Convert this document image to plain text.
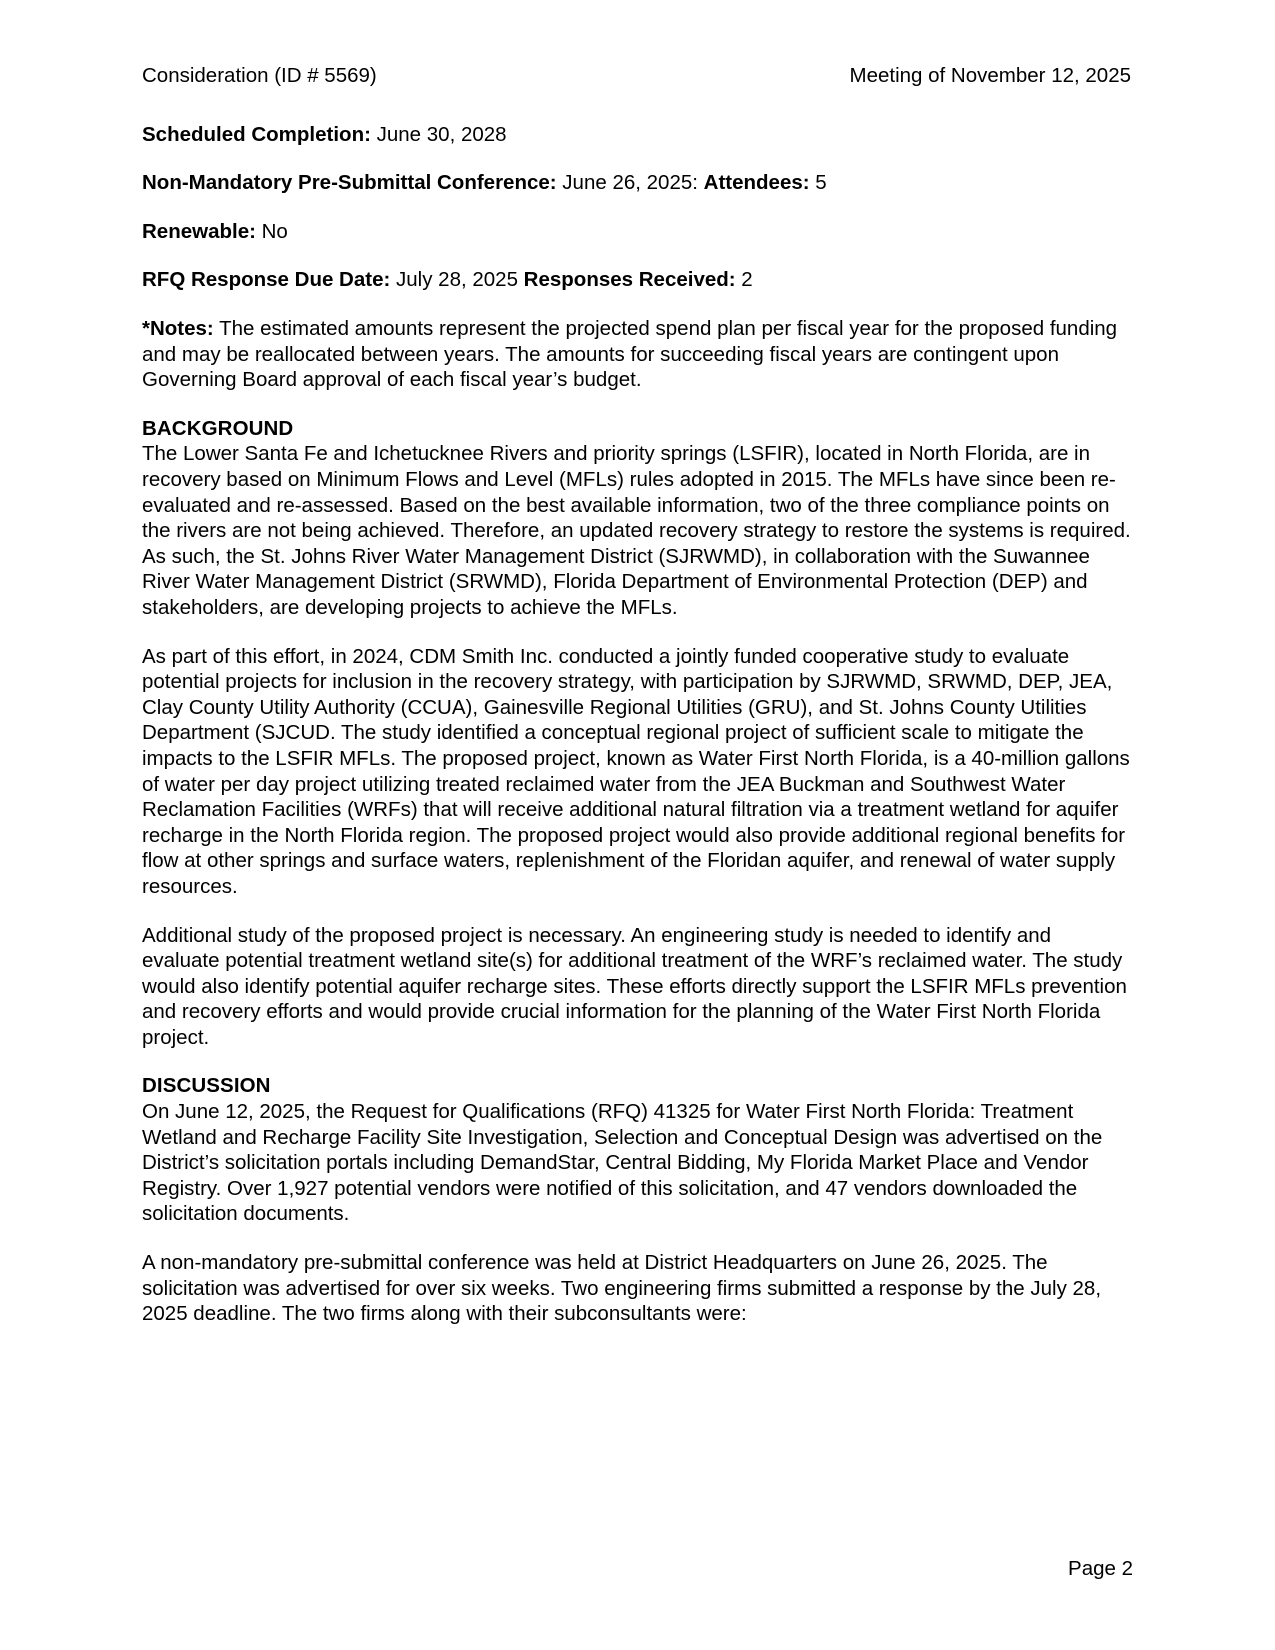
Consideration (ID # 5569)	Meeting of November 12, 2025

Scheduled Completion: June 30, 2028

Non-Mandatory Pre-Submittal Conference: June 26, 2025: Attendees: 5

Renewable: No

RFQ Response Due Date: July 28, 2025 Responses Received: 2

*Notes: The estimated amounts represent the projected spend plan per fiscal year for the proposed funding and may be reallocated between years. The amounts for succeeding fiscal years are contingent upon Governing Board approval of each fiscal year’s budget.

BACKGROUND

The Lower Santa Fe and Ichetucknee Rivers and priority springs (LSFIR), located in North Florida, are in recovery based on Minimum Flows and Level (MFLs) rules adopted in 2015. The MFLs have since been re-evaluated and re-assessed. Based on the best available information, two of the three compliance points on the rivers are not being achieved. Therefore, an updated recovery strategy to restore the systems is required. As such, the St. Johns River Water Management District (SJRWMD), in collaboration with the Suwannee River Water Management District (SRWMD), Florida Department of Environmental Protection (DEP) and stakeholders, are developing projects to achieve the MFLs.

As part of this effort, in 2024, CDM Smith Inc. conducted a jointly funded cooperative study to evaluate potential projects for inclusion in the recovery strategy, with participation by SJRWMD, SRWMD, DEP, JEA, Clay County Utility Authority (CCUA), Gainesville Regional Utilities (GRU), and St. Johns County Utilities Department (SJCUD. The study identified a conceptual regional project of sufficient scale to mitigate the impacts to the LSFIR MFLs. The proposed project, known as Water First North Florida, is a 40-million gallons of water per day project utilizing treated reclaimed water from the JEA Buckman and Southwest Water Reclamation Facilities (WRFs) that will receive additional natural filtration via a treatment wetland for aquifer recharge in the North Florida region. The proposed project would also provide additional regional benefits for flow at other springs and surface waters, replenishment of the Floridan aquifer, and renewal of water supply resources.

Additional study of the proposed project is necessary. An engineering study is needed to identify and evaluate potential treatment wetland site(s) for additional treatment of the WRF’s reclaimed water. The study would also identify potential aquifer recharge sites. These efforts directly support the LSFIR MFLs prevention and recovery efforts and would provide crucial information for the planning of the Water First North Florida project.

DISCUSSION

On June 12, 2025, the Request for Qualifications (RFQ) 41325 for Water First North Florida: Treatment Wetland and Recharge Facility Site Investigation, Selection and Conceptual Design was advertised on the District’s solicitation portals including DemandStar, Central Bidding, My Florida Market Place and Vendor Registry. Over 1,927 potential vendors were notified of this solicitation, and 47 vendors downloaded the solicitation documents.

A non-mandatory pre-submittal conference was held at District Headquarters on June 26, 2025. The solicitation was advertised for over six weeks. Two engineering firms submitted a response by the July 28, 2025 deadline. The two firms along with their subconsultants were:

Page 2
